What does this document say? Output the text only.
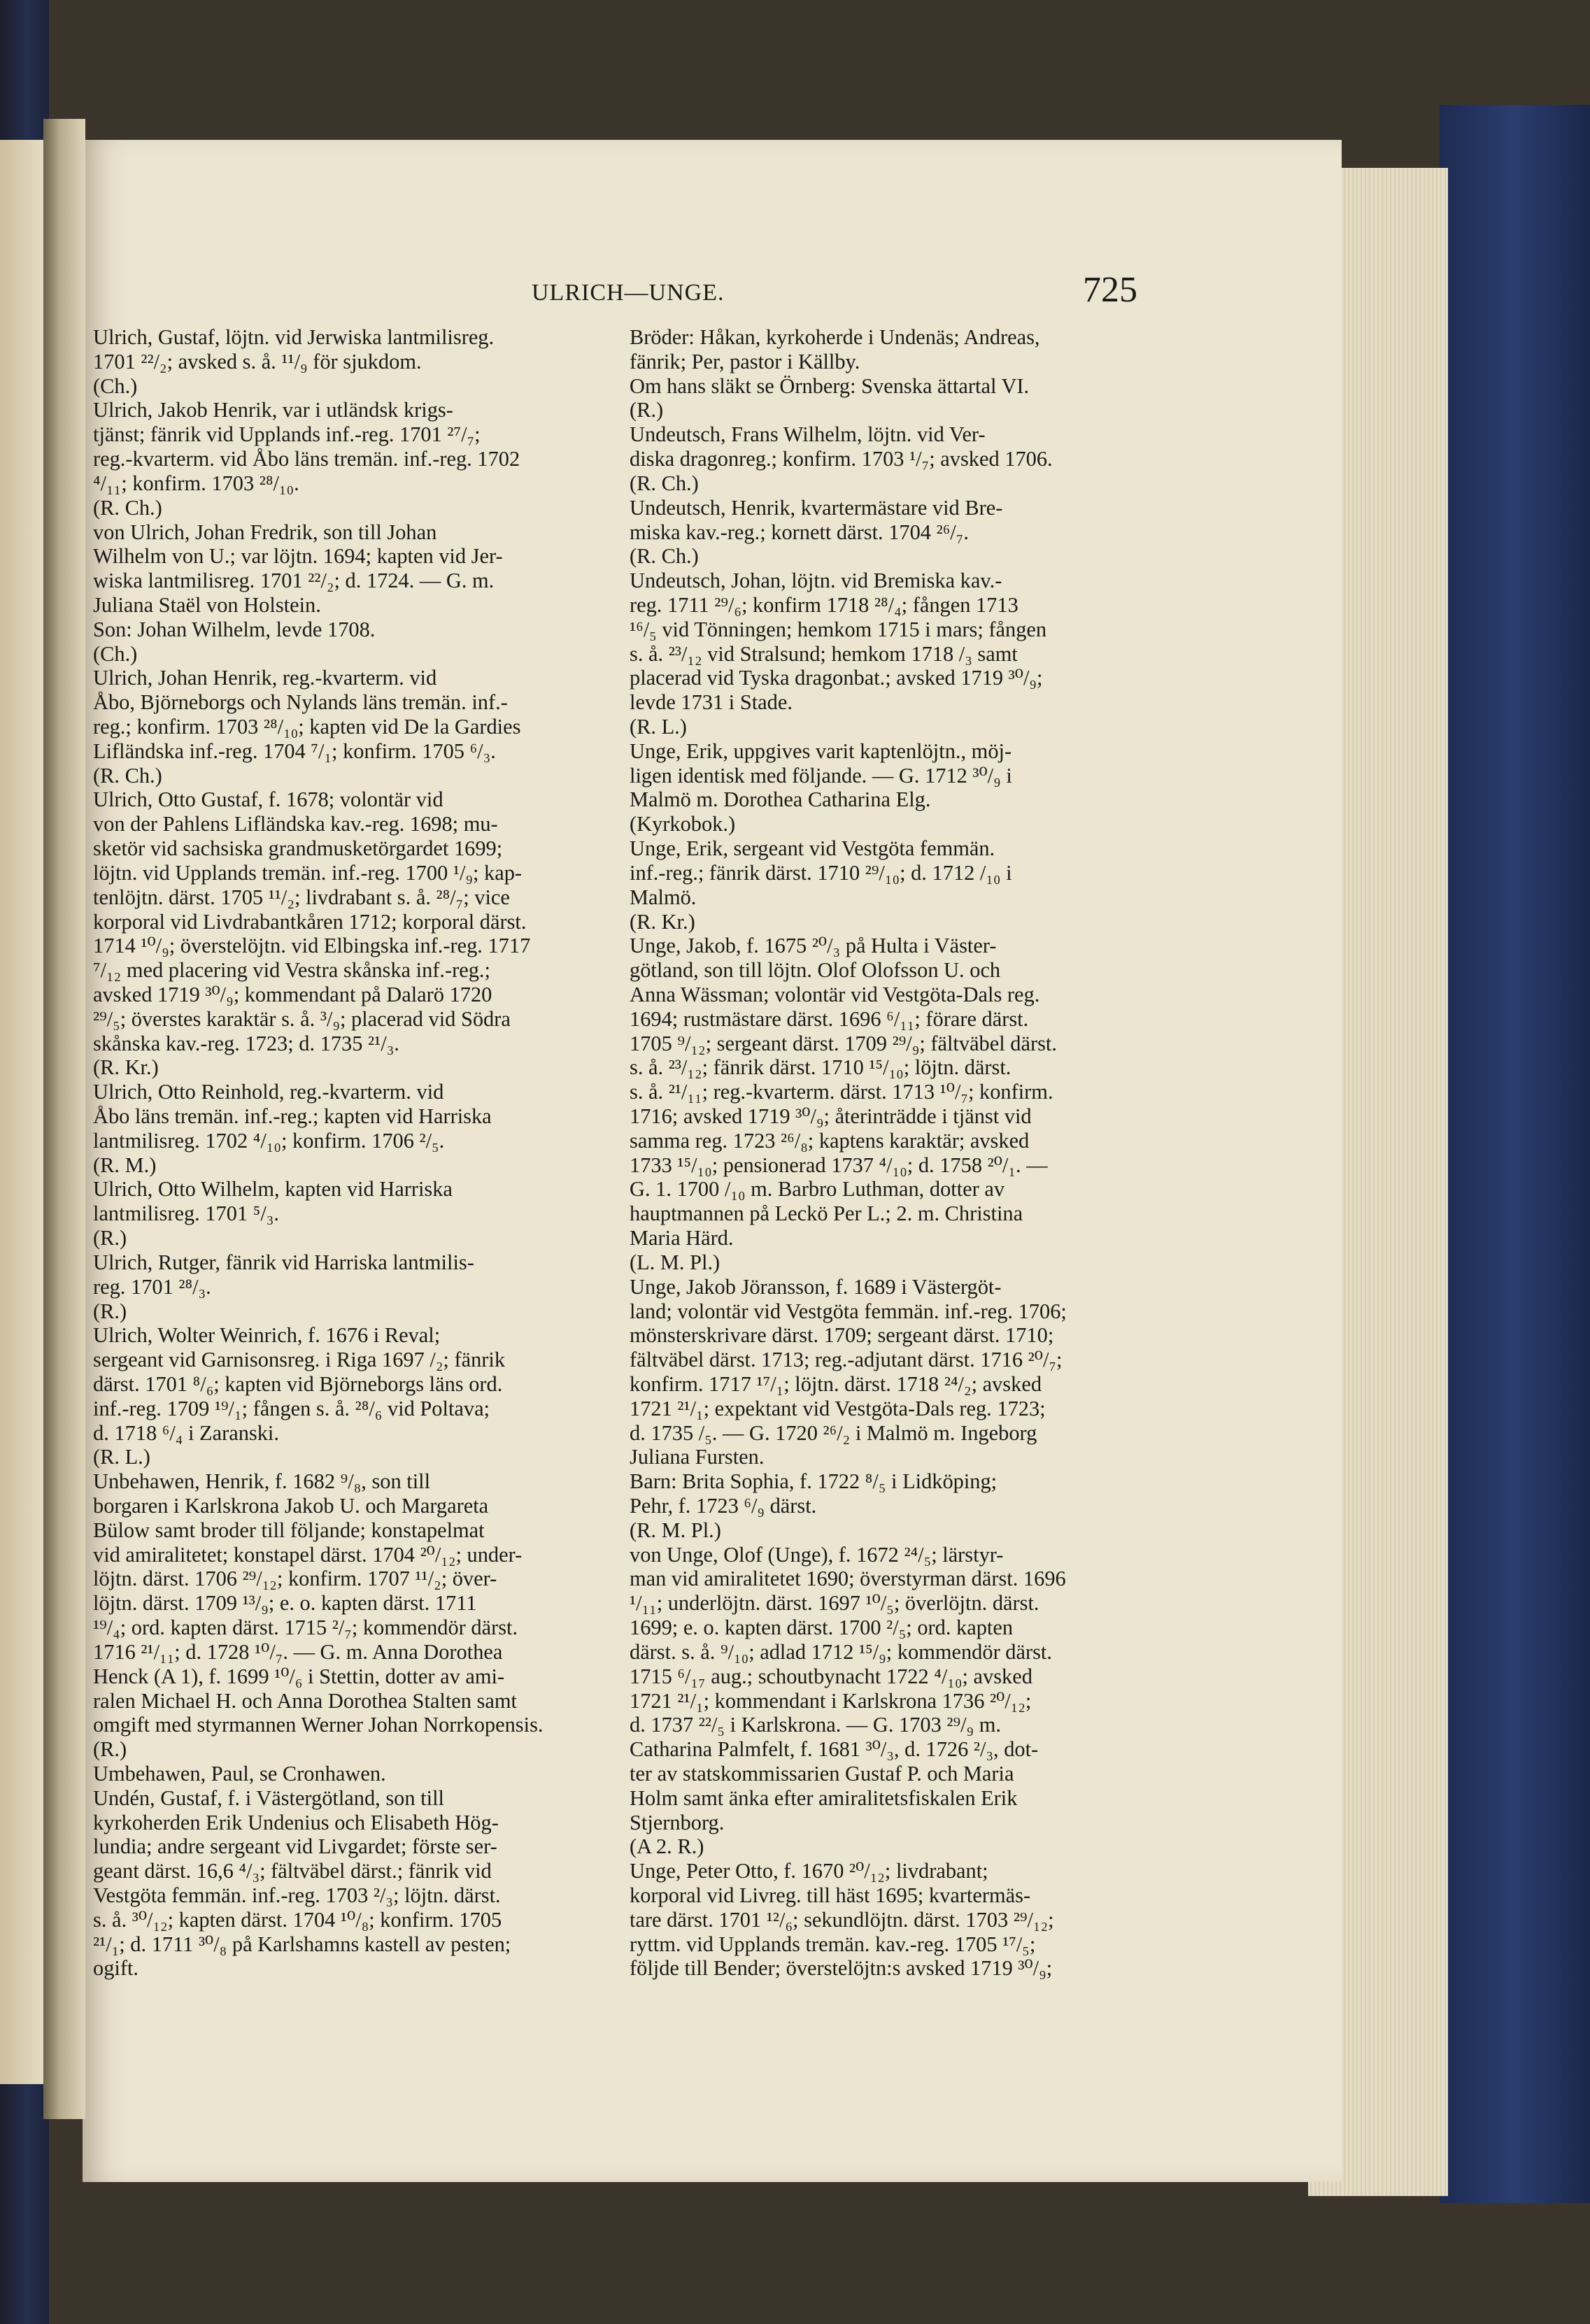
ULRICH—UNGE.	725

Ulrich, Gustaf, löjtn. vid Jerwiska lantmilisreg.

1701 ²²/₂; avsked s. å. ¹¹/₉ för sjukdom.

(Ch.)

Ulrich, Jakob Henrik, var i utländsk krigs-

tjänst; fänrik vid Upplands inf.-reg. 1701 ²⁷/₇;

reg.-kvarterm. vid Åbo läns tremän. inf.-reg. 1702

⁴/₁₁; konfirm. 1703 ²⁸/₁₀.

(R. Ch.)

von Ulrich, Johan Fredrik, son till Johan

Wilhelm von U.; var löjtn. 1694; kapten vid Jer-

wiska lantmilisreg. 1701 ²²/₂; d. 1724. — G. m.

Juliana Staël von Holstein.

Son: Johan Wilhelm, levde 1708.

(Ch.)

Ulrich, Johan Henrik, reg.-kvarterm. vid

Åbo, Björneborgs och Nylands läns tremän. inf.-

reg.; konfirm. 1703 ²⁸/₁₀; kapten vid De la Gardies

Lifländska inf.-reg. 1704 ⁷/₁; konfirm. 1705 ⁶/₃.

(R. Ch.)

Ulrich, Otto Gustaf, f. 1678; volontär vid

von der Pahlens Lifländska kav.-reg. 1698; mu-

sketör vid sachsiska grandmusketörgardet 1699;

löjtn. vid Upplands tremän. inf.-reg. 1700 ¹/₉; kap-

tenlöjtn. därst. 1705 ¹¹/₂; livdrabant s. å. ²⁸/₇; vice

korporal vid Livdrabantkåren 1712; korporal därst.

1714 ¹⁰/₉; överstelöjtn. vid Elbingska inf.-reg. 1717

⁷/₁₂ med placering vid Vestra skånska inf.-reg.;

avsked 1719 ³⁰/₉; kommendant på Dalarö 1720

²⁹/₅; överstes karaktär s. å. ³/₉; placerad vid Södra

skånska kav.-reg. 1723; d. 1735 ²¹/₃.

(R. Kr.)

Ulrich, Otto Reinhold, reg.-kvarterm. vid

Åbo läns tremän. inf.-reg.; kapten vid Harriska

lantmilisreg. 1702 ⁴/₁₀; konfirm. 1706 ²/₅.

(R. M.)

Ulrich, Otto Wilhelm, kapten vid Harriska

lantmilisreg. 1701 ⁵/₃.

(R.)

Ulrich, Rutger, fänrik vid Harriska lantmilis-

reg. 1701 ²⁸/₃.

(R.)

Ulrich, Wolter Weinrich, f. 1676 i Reval;

sergeant vid Garnisonsreg. i Riga 1697 /₂; fänrik

därst. 1701 ⁸/₆; kapten vid Björneborgs läns ord.

inf.-reg. 1709 ¹⁹/₁; fången s. å. ²⁸/₆ vid Poltava;

d. 1718 ⁶/₄ i Zaranski.

(R. L.)

Unbehawen, Henrik, f. 1682 ⁹/₈, son till

borgaren i Karlskrona Jakob U. och Margareta

Bülow samt broder till följande; konstapelmat

vid amiralitetet; konstapel därst. 1704 ²⁰/₁₂; under-

löjtn. därst. 1706 ²⁹/₁₂; konfirm. 1707 ¹¹/₂; över-

löjtn. därst. 1709 ¹³/₉; e. o. kapten därst. 1711

¹⁹/₄; ord. kapten därst. 1715 ²/₇; kommendör därst.

1716 ²¹/₁₁; d. 1728 ¹⁰/₇. — G. m. Anna Dorothea

Henck (A 1), f. 1699 ¹⁰/₆ i Stettin, dotter av ami-

ralen Michael H. och Anna Dorothea Stalten samt

omgift med styrmannen Werner Johan Norrkopensis.

(R.)

Umbehawen, Paul, se Cronhawen.

Undén, Gustaf, f. i Västergötland, son till

kyrkoherden Erik Undenius och Elisabeth Hög-

lundia; andre sergeant vid Livgardet; förste ser-

geant därst. 16,6 ⁴/₃; fältväbel därst.; fänrik vid

Vestgöta femmän. inf.-reg. 1703 ²/₃; löjtn. därst.

s. å. ³⁰/₁₂; kapten därst. 1704 ¹⁰/₈; konfirm. 1705

²¹/₁; d. 1711 ³⁰/₈ på Karlshamns kastell av pesten;

ogift.

Bröder: Håkan, kyrkoherde i Undenäs; Andreas,

fänrik; Per, pastor i Källby.

Om hans släkt se Örnberg: Svenska ättartal VI.

(R.)

Undeutsch, Frans Wilhelm, löjtn. vid Ver-

diska dragonreg.; konfirm. 1703 ¹/₇; avsked 1706.

(R. Ch.)

Undeutsch, Henrik, kvartermästare vid Bre-

miska kav.-reg.; kornett därst. 1704 ²⁶/₇.

(R. Ch.)

Undeutsch, Johan, löjtn. vid Bremiska kav.-

reg. 1711 ²⁹/₆; konfirm 1718 ²⁸/₄; fången 1713

¹⁶/₅ vid Tönningen; hemkom 1715 i mars; fången

s. å. ²³/₁₂ vid Stralsund; hemkom 1718 /₃ samt

placerad vid Tyska dragonbat.; avsked 1719 ³⁰/₉;

levde 1731 i Stade.

(R. L.)

Unge, Erik, uppgives varit kaptenlöjtn., möj-

ligen identisk med följande. — G. 1712 ³⁰/₉ i

Malmö m. Dorothea Catharina Elg.

(Kyrkobok.)

Unge, Erik, sergeant vid Vestgöta femmän.

inf.-reg.; fänrik därst. 1710 ²⁹/₁₀; d. 1712 /₁₀ i

Malmö.

(R. Kr.)

Unge, Jakob, f. 1675 ²⁰/₃ på Hulta i Väster-

götland, son till löjtn. Olof Olofsson U. och

Anna Wässman; volontär vid Vestgöta-Dals reg.

1694; rustmästare därst. 1696 ⁶/₁₁; förare därst.

1705 ⁹/₁₂; sergeant därst. 1709 ²⁹/₉; fältväbel därst.

s. å. ²³/₁₂; fänrik därst. 1710 ¹⁵/₁₀; löjtn. därst.

s. å. ²¹/₁₁; reg.-kvarterm. därst. 1713 ¹⁰/₇; konfirm.

1716; avsked 1719 ³⁰/₉; återinträdde i tjänst vid

samma reg. 1723 ²⁶/₈; kaptens karaktär; avsked

1733 ¹⁵/₁₀; pensionerad 1737 ⁴/₁₀; d. 1758 ²⁰/₁. —

G. 1. 1700 /₁₀ m. Barbro Luthman, dotter av

hauptmannen på Leckö Per L.; 2. m. Christina

Maria Härd.

(L. M. Pl.)

Unge, Jakob Jöransson, f. 1689 i Västergöt-

land; volontär vid Vestgöta femmän. inf.-reg. 1706;

mönsterskrivare därst. 1709; sergeant därst. 1710;

fältväbel därst. 1713; reg.-adjutant därst. 1716 ²⁰/₇;

konfirm. 1717 ¹⁷/₁; löjtn. därst. 1718 ²⁴/₂; avsked

1721 ²¹/₁; expektant vid Vestgöta-Dals reg. 1723;

d. 1735 /₅. — G. 1720 ²⁶/₂ i Malmö m. Ingeborg

Juliana Fursten.

Barn: Brita Sophia, f. 1722 ⁸/₅ i Lidköping;

Pehr, f. 1723 ⁶/₉ därst.

(R. M. Pl.)

von Unge, Olof (Unge), f. 1672 ²⁴/₅; lärstyr-

man vid amiralitetet 1690; överstyrman därst. 1696

¹/₁₁; underlöjtn. därst. 1697 ¹⁰/₅; överlöjtn. därst.

1699; e. o. kapten därst. 1700 ²/₅; ord. kapten

därst. s. å. ⁹/₁₀; adlad 1712 ¹⁵/₉; kommendör därst.

1715 ⁶/₁₇ aug.; schoutbynacht 1722 ⁴/₁₀; avsked

1721 ²¹/₁; kommendant i Karlskrona 1736 ²⁰/₁₂;

d. 1737 ²²/₅ i Karlskrona. — G. 1703 ²⁹/₉ m.

Catharina Palmfelt, f. 1681 ³⁰/₃, d. 1726 ²/₃, dot-

ter av statskommissarien Gustaf P. och Maria

Holm samt änka efter amiralitetsfiskalen Erik

Stjernborg.

(A 2. R.)

Unge, Peter Otto, f. 1670 ²⁰/₁₂; livdrabant;

korporal vid Livreg. till häst 1695; kvartermäs-

tare därst. 1701 ¹²/₆; sekundlöjtn. därst. 1703 ²⁹/₁₂;

ryttm. vid Upplands tremän. kav.-reg. 1705 ¹⁷/₅;

följde till Bender; överstelöjtn:s avsked 1719 ³⁰/₉;
